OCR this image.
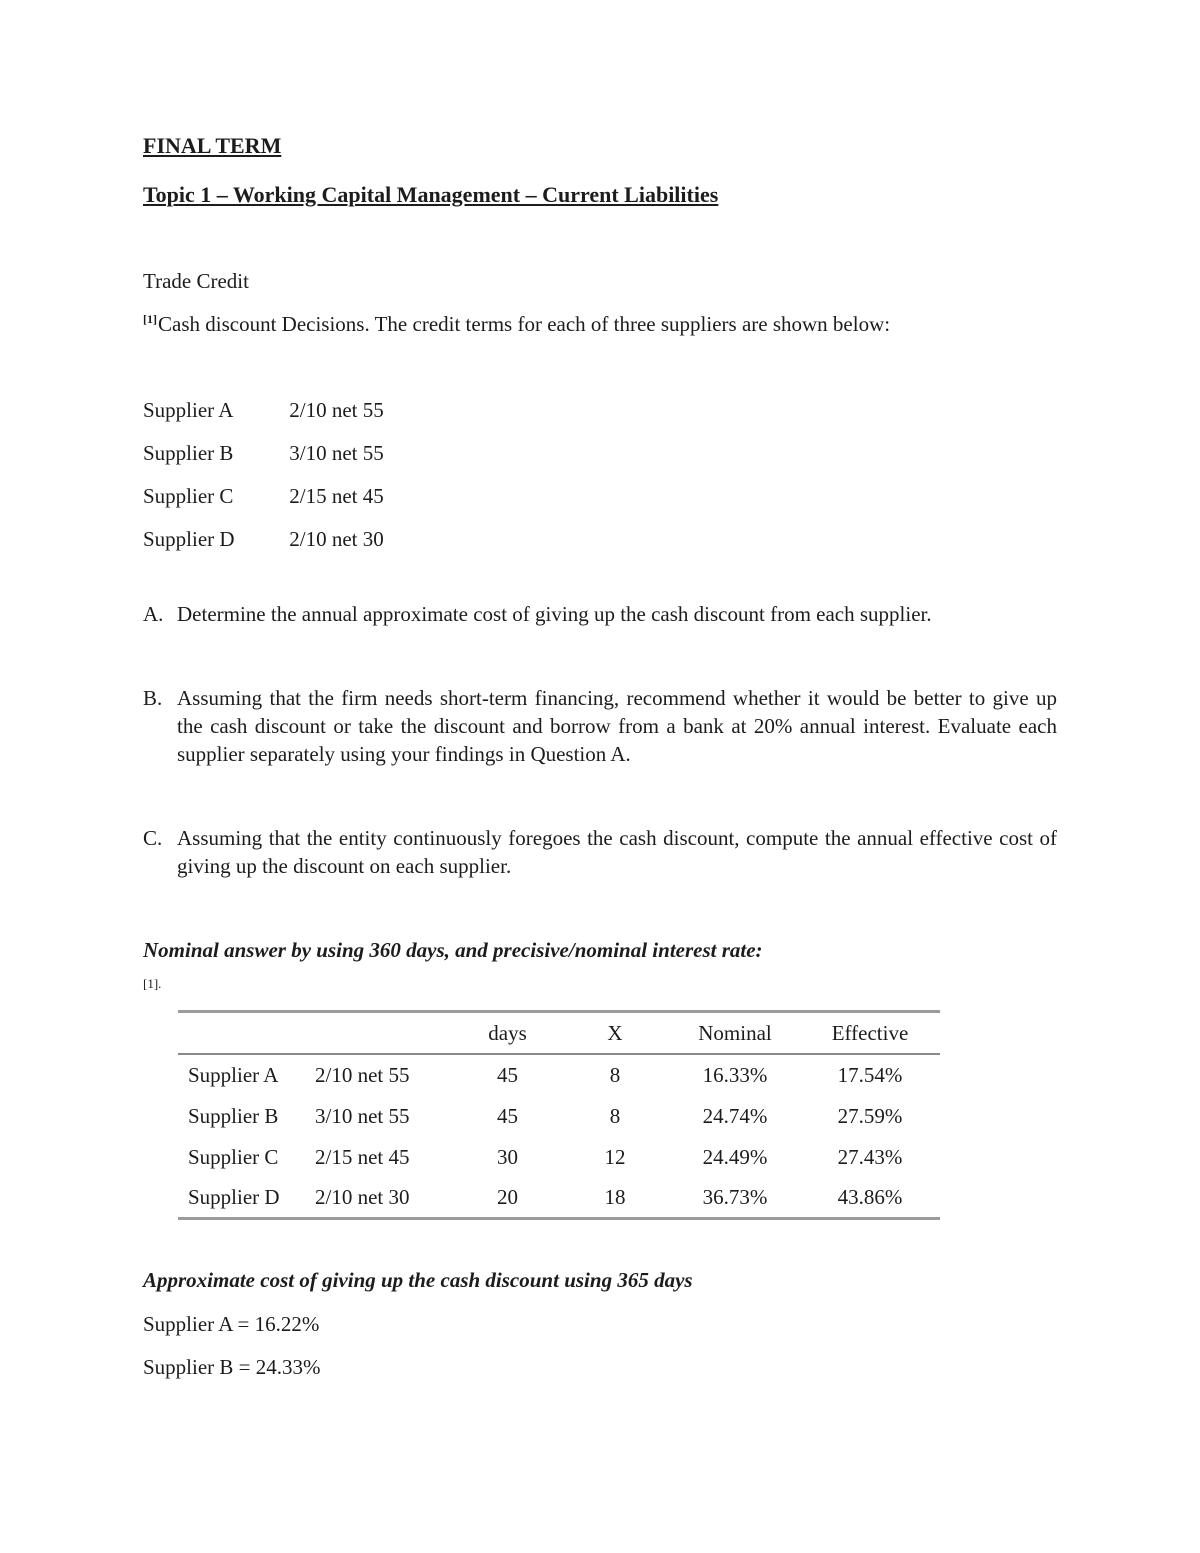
FINAL TERM
Topic 1 – Working Capital Management – Current Liabilities

Trade Credit

[1]Cash discount Decisions. The credit terms for each of three suppliers are shown below:

Supplier A	2/10 net 55
Supplier B	3/10 net 55
Supplier C	2/15 net 45
Supplier D	2/10 net 30
A. Determine the annual approximate cost of giving up the cash discount from each supplier.
B. Assuming that the firm needs short-term financing, recommend whether it would be better to give up the cash discount or take the discount and borrow from a bank at 20% annual interest. Evaluate each supplier separately using your findings in Question A.
C. Assuming that the entity continuously foregoes the cash discount, compute the annual effective cost of giving up the discount on each supplier.

Nominal answer by using 360 days, and precisive/nominal interest rate:

[1].

		days	X	Nominal	Effective
Supplier A	2/10 net 55	45	8	16.33%	17.54%
Supplier B	3/10 net 55	45	8	24.74%	27.59%
Supplier C	2/15 net 45	30	12	24.49%	27.43%
Supplier D	2/10 net 30	20	18	36.73%	43.86%

Approximate cost of giving up the cash discount using 365 days

Supplier A = 16.22%

Supplier B = 24.33%
